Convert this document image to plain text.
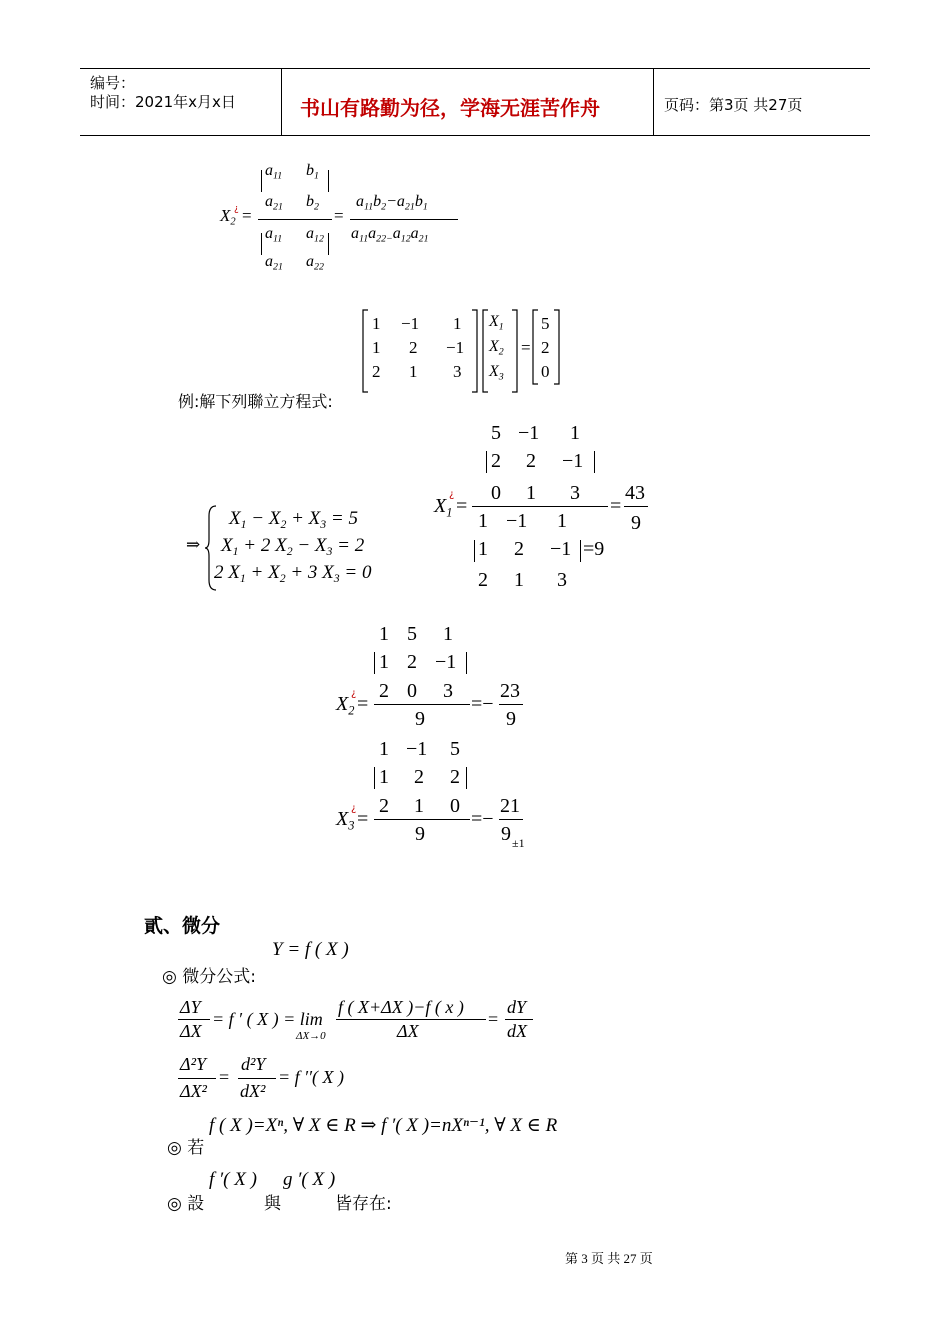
编号：
时间：2021年x月x日	书山有路勤为径，学海无涯苦作舟	页码：第3页 共27页
$X_2$
¿ =
$a_{11}$ $b_1$
$a_{21}$ $b_2$
$a_{11}$ $a_{12}$
$a_{21}$ $a_{22}$
=
$a_{11}b_2-a_{21}b_1$
$a_{11}a_{22-}a_{12}a_{21}$
1 −1 1
1 2 −1
2 1 3
$X_1$
$X_2$
$X_3$
=
5
2
0
例:解下列聯立方程式:
⇒
$X_1 - X_2 + X_3 = 5$
$X_1 + 2$ $X_2 - X_3 = 2$
2 $X_1 + X_2 + 3$ $X_3 = 0$
5 −1 1
2 2 −1
0 1 3
$X_1$
¿
=	=
43
9
1 −1 1
1 2 −1 =9
2 1 3
1 5 1
1 2 −1
2 0 3
$X_2$
¿ =
9
=−
23
9
1 −1 5
1 2 2
2 1 0
$X_3$
¿ =
9
=−
21
9 ±1
貳、微分
Y = f ( X )
◎ 微分公式:
ΔY
ΔX
= f ′ ( X ) = lim
ΔX→0
f ( X+ΔX )−f ( x )
ΔX
=
dY
dX
Δ²Y
ΔX²
=
d²Y
dX²
= f ′′( X )
f ( X )=Xⁿ, ∀ X ∈ R ⇒ f ′( X )=nXⁿ⁻¹, ∀ X ∈ R
◎ 若
f ′( X ) g ′( X )
◎ 設	與	皆存在:
第 3 页 共 27 页
